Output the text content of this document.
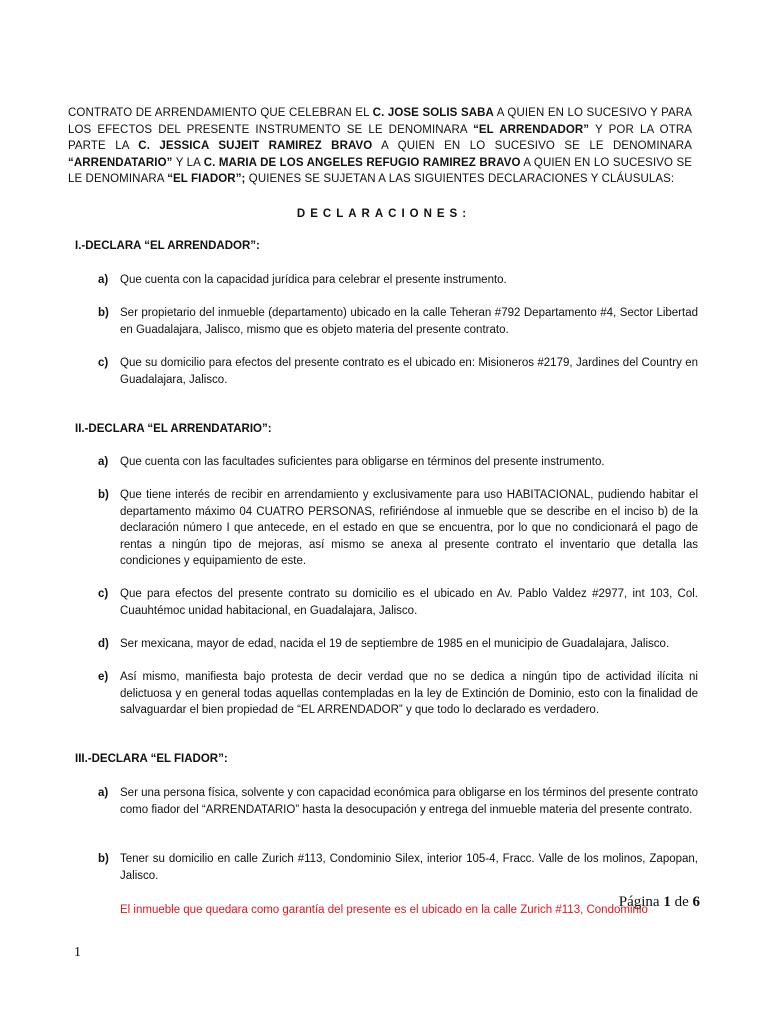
CONTRATO DE ARRENDAMIENTO QUE CELEBRAN EL C. JOSE SOLIS SABA A QUIEN EN LO SUCESIVO Y PARA LOS EFECTOS DEL PRESENTE INSTRUMENTO SE LE DENOMINARA “EL ARRENDADOR” Y POR LA OTRA PARTE LA C. JESSICA SUJEIT RAMIREZ BRAVO A QUIEN EN LO SUCESIVO SE LE DENOMINARA “ARRENDATARIO” Y LA C. MARIA DE LOS ANGELES REFUGIO RAMIREZ BRAVO A QUIEN EN LO SUCESIVO SE LE DENOMINARA “EL FIADOR”; QUIENES SE SUJETAN A LAS SIGUIENTES DECLARACIONES Y CLÁUSULAS:
DECLARACIONES:
I.-DECLARA “EL ARRENDADOR”:
a) Que cuenta con la capacidad jurídica para celebrar el presente instrumento.
b) Ser propietario del inmueble (departamento) ubicado en la calle Teheran #792 Departamento #4, Sector Libertad en Guadalajara, Jalisco, mismo que es objeto materia del presente contrato.
c) Que su domicilio para efectos del presente contrato es el ubicado en: Misioneros #2179, Jardines del Country en Guadalajara, Jalisco.
II.-DECLARA “EL ARRENDATARIO”:
a) Que cuenta con las facultades suficientes para obligarse en términos del presente instrumento.
b) Que tiene interés de recibir en arrendamiento y exclusivamente para uso HABITACIONAL, pudiendo habitar el departamento máximo 04 CUATRO PERSONAS, refiriéndose al inmueble que se describe en el inciso b) de la declaración número I que antecede, en el estado en que se encuentra, por lo que no condicionará el pago de rentas a ningún tipo de mejoras, así mismo se anexa al presente contrato el inventario que detalla las condiciones y equipamiento de este.
c) Que para efectos del presente contrato su domicilio es el ubicado en Av. Pablo Valdez #2977, int 103, Col. Cuauhtémoc unidad habitacional, en Guadalajara, Jalisco.
d) Ser mexicana, mayor de edad, nacida el 19 de septiembre de 1985 en el municipio de Guadalajara, Jalisco.
e) Así mismo, manifiesta bajo protesta de decir verdad que no se dedica a ningún tipo de actividad ilícita ni delictuosa y en general todas aquellas contempladas en la ley de Extinción de Dominio, esto con la finalidad de salvaguardar el bien propiedad de “EL ARRENDADOR” y que todo lo declarado es verdadero.
III.-DECLARA “EL FIADOR”:
a) Ser una persona física, solvente y con capacidad económica para obligarse en los términos del presente contrato como fiador del “ARRENDATARIO” hasta la desocupación y entrega del inmueble materia del presente contrato.
b) Tener su domicilio en calle Zurich #113, Condominio Silex, interior 105-4, Fracc. Valle de los molinos, Zapopan, Jalisco.
El inmueble que quedara como garantía del presente es el ubicado en la calle Zurich #113, Condominio
Página 1 de 6
1
